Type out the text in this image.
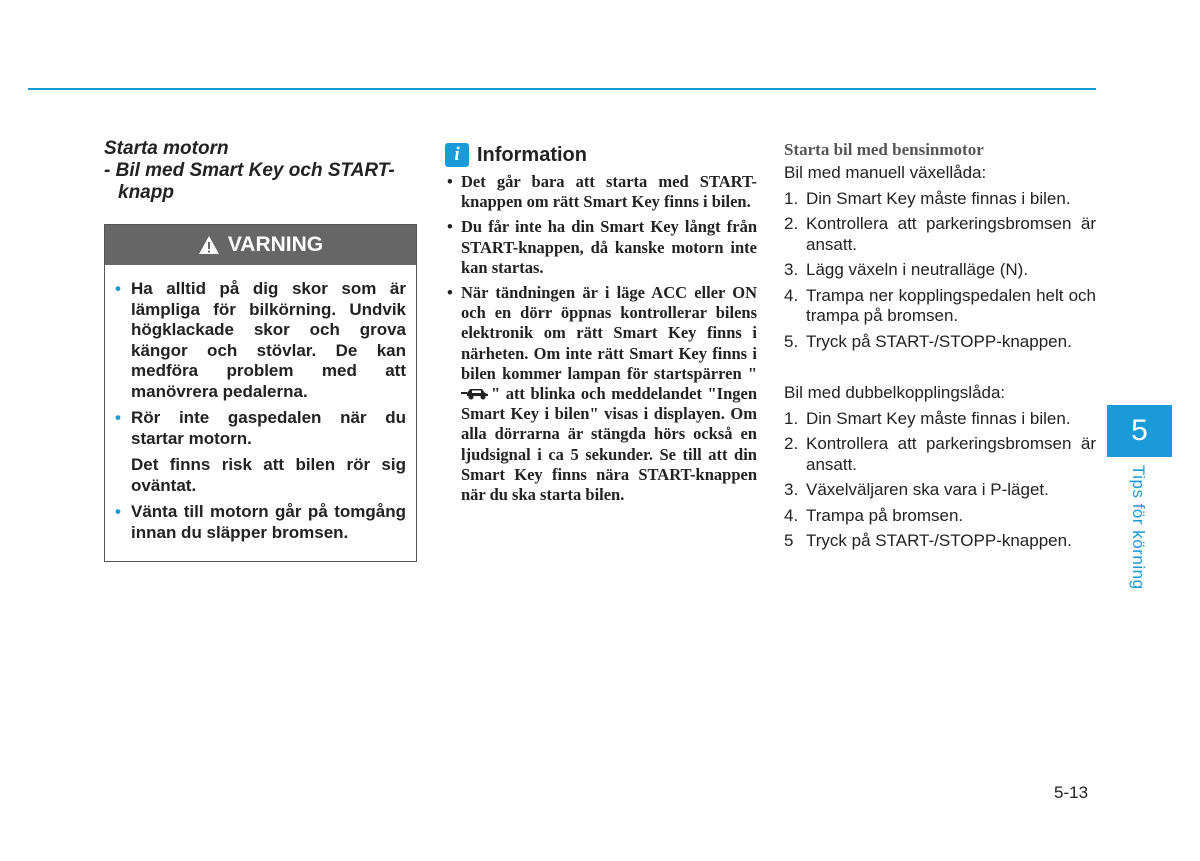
Starta motorn
- Bil med Smart Key och START-knapp
VARNING
• Ha alltid på dig skor som är lämpliga för bilkörning. Undvik högklackade skor och grova kängor och stövlar. De kan medföra problem med att manövrera pedalerna.
• Rör inte gaspedalen när du startar motorn.
Det finns risk att bilen rör sig oväntat.
• Vänta till motorn går på tomgång innan du släpper bromsen.
i Information
• Det går bara att starta med START-knappen om rätt Smart Key finns i bilen.
• Du får inte ha din Smart Key långt från START-knappen, då kanske motorn inte kan startas.
• När tändningen är i läge ACC eller ON och en dörr öppnas kontrollerar bilens elektronik om rätt Smart Key finns i närheten. Om inte rätt Smart Key finns i bilen kommer lampan för startspärren "" att blinka och meddelandet "Ingen Smart Key i bilen" visas i displayen. Om alla dörrarna är stängda hörs också en ljudsignal i ca 5 sekunder. Se till att din Smart Key finns nära START-knappen när du ska starta bilen.
Starta bil med bensinmotor
Bil med manuell växellåda:
1. Din Smart Key måste finnas i bilen.
2. Kontrollera att parkeringsbromsen är ansatt.
3. Lägg växeln i neutralläge (N).
4. Trampa ner kopplingspedalen helt och trampa på bromsen.
5. Tryck på START-/STOPP-knappen.
Bil med dubbelkopplingslåda:
1. Din Smart Key måste finnas i bilen.
2. Kontrollera att parkeringsbromsen är ansatt.
3. Växelväljaren ska vara i P-läget.
4. Trampa på bromsen.
5 Tryck på START-/STOPP-knappen.
5
Tips för körning
5-13
